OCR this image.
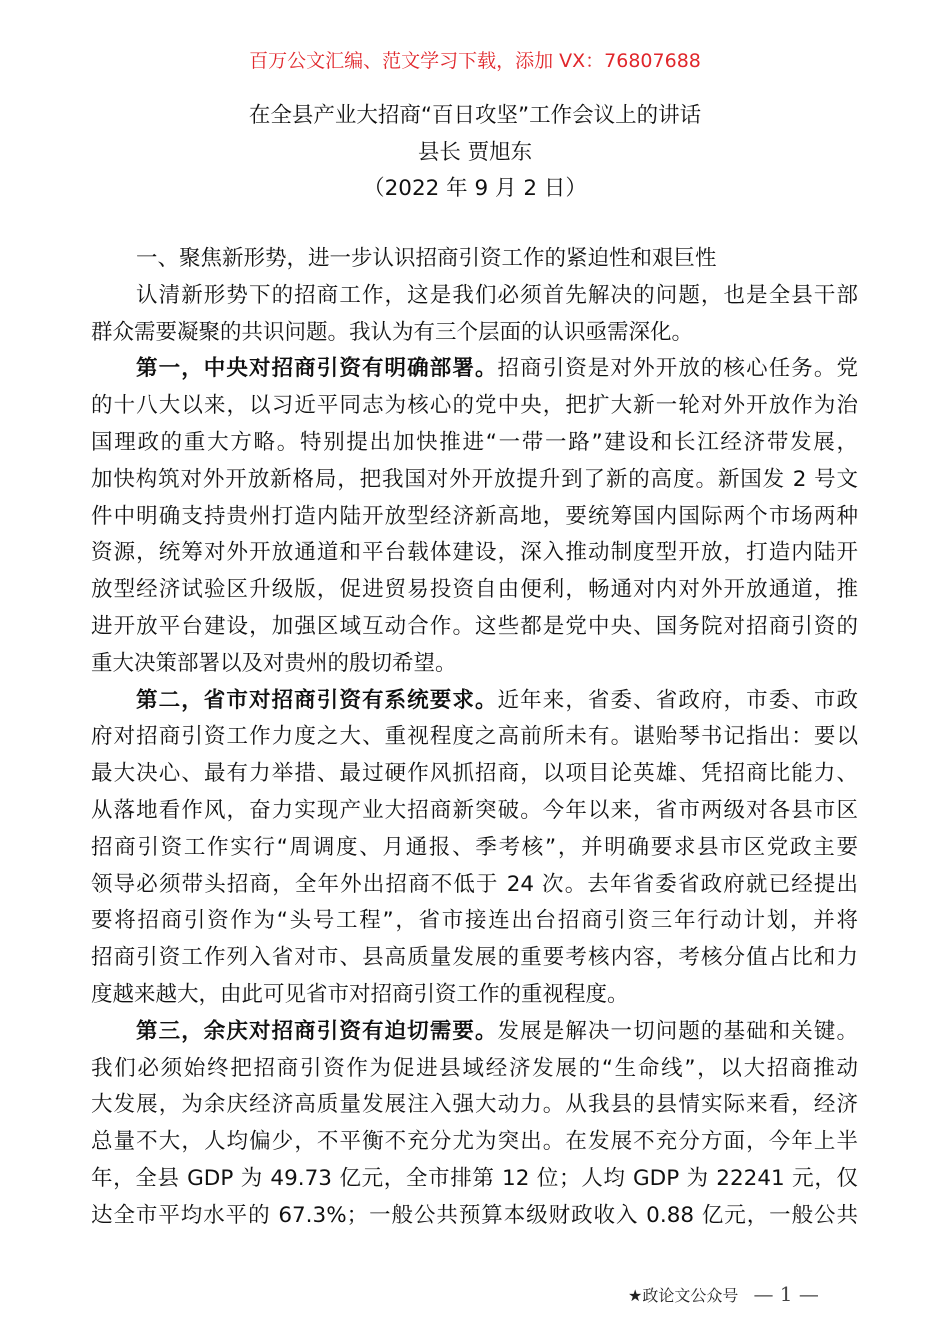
百万公文汇编、范文学习下载，添加 VX：76807688
在全县产业大招商“百日攻坚”工作会议上的讲话
县长 贾旭东
（2022 年 9 月 2 日）
一、聚焦新形势，进一步认识招商引资工作的紧迫性和艰巨性
认清新形势下的招商工作，这是我们必须首先解决的问题，也是全县干部
群众需要凝聚的共识问题。我认为有三个层面的认识亟需深化。
第一，中央对招商引资有明确部署。招商引资是对外开放的核心任务。党
的十八大以来，以习近平同志为核心的党中央，把扩大新一轮对外开放作为治
国理政的重大方略。特别提出加快推进“一带一路”建设和长江经济带发展，
加快构筑对外开放新格局，把我国对外开放提升到了新的高度。新国发 2 号文
件中明确支持贵州打造内陆开放型经济新高地，要统筹国内国际两个市场两种
资源，统筹对外开放通道和平台载体建设，深入推动制度型开放，打造内陆开
放型经济试验区升级版，促进贸易投资自由便利，畅通对内对外开放通道，推
进开放平台建设，加强区域互动合作。这些都是党中央、国务院对招商引资的
重大决策部署以及对贵州的殷切希望。
第二，省市对招商引资有系统要求。近年来，省委、省政府，市委、市政
府对招商引资工作力度之大、重视程度之高前所未有。谌贻琴书记指出：要以
最大决心、最有力举措、最过硬作风抓招商，以项目论英雄、凭招商比能力、
从落地看作风，奋力实现产业大招商新突破。今年以来，省市两级对各县市区
招商引资工作实行“周调度、月通报、季考核”，并明确要求县市区党政主要
领导必须带头招商，全年外出招商不低于 24 次。去年省委省政府就已经提出
要将招商引资作为“头号工程”，省市接连出台招商引资三年行动计划，并将
招商引资工作列入省对市、县高质量发展的重要考核内容，考核分值占比和力
度越来越大，由此可见省市对招商引资工作的重视程度。
第三，余庆对招商引资有迫切需要。发展是解决一切问题的基础和关键。
我们必须始终把招商引资作为促进县域经济发展的“生命线”，以大招商推动
大发展，为余庆经济高质量发展注入强大动力。从我县的县情实际来看，经济
总量不大，人均偏少，不平衡不充分尤为突出。在发展不充分方面，今年上半
年，全县 GDP 为 49.73 亿元，全市排第 12 位；人均 GDP 为 22241 元，仅
达全市平均水平的 67.3%；一般公共预算本级财政收入 0.88 亿元，一般公共
★政论文公众号 — 1 —
